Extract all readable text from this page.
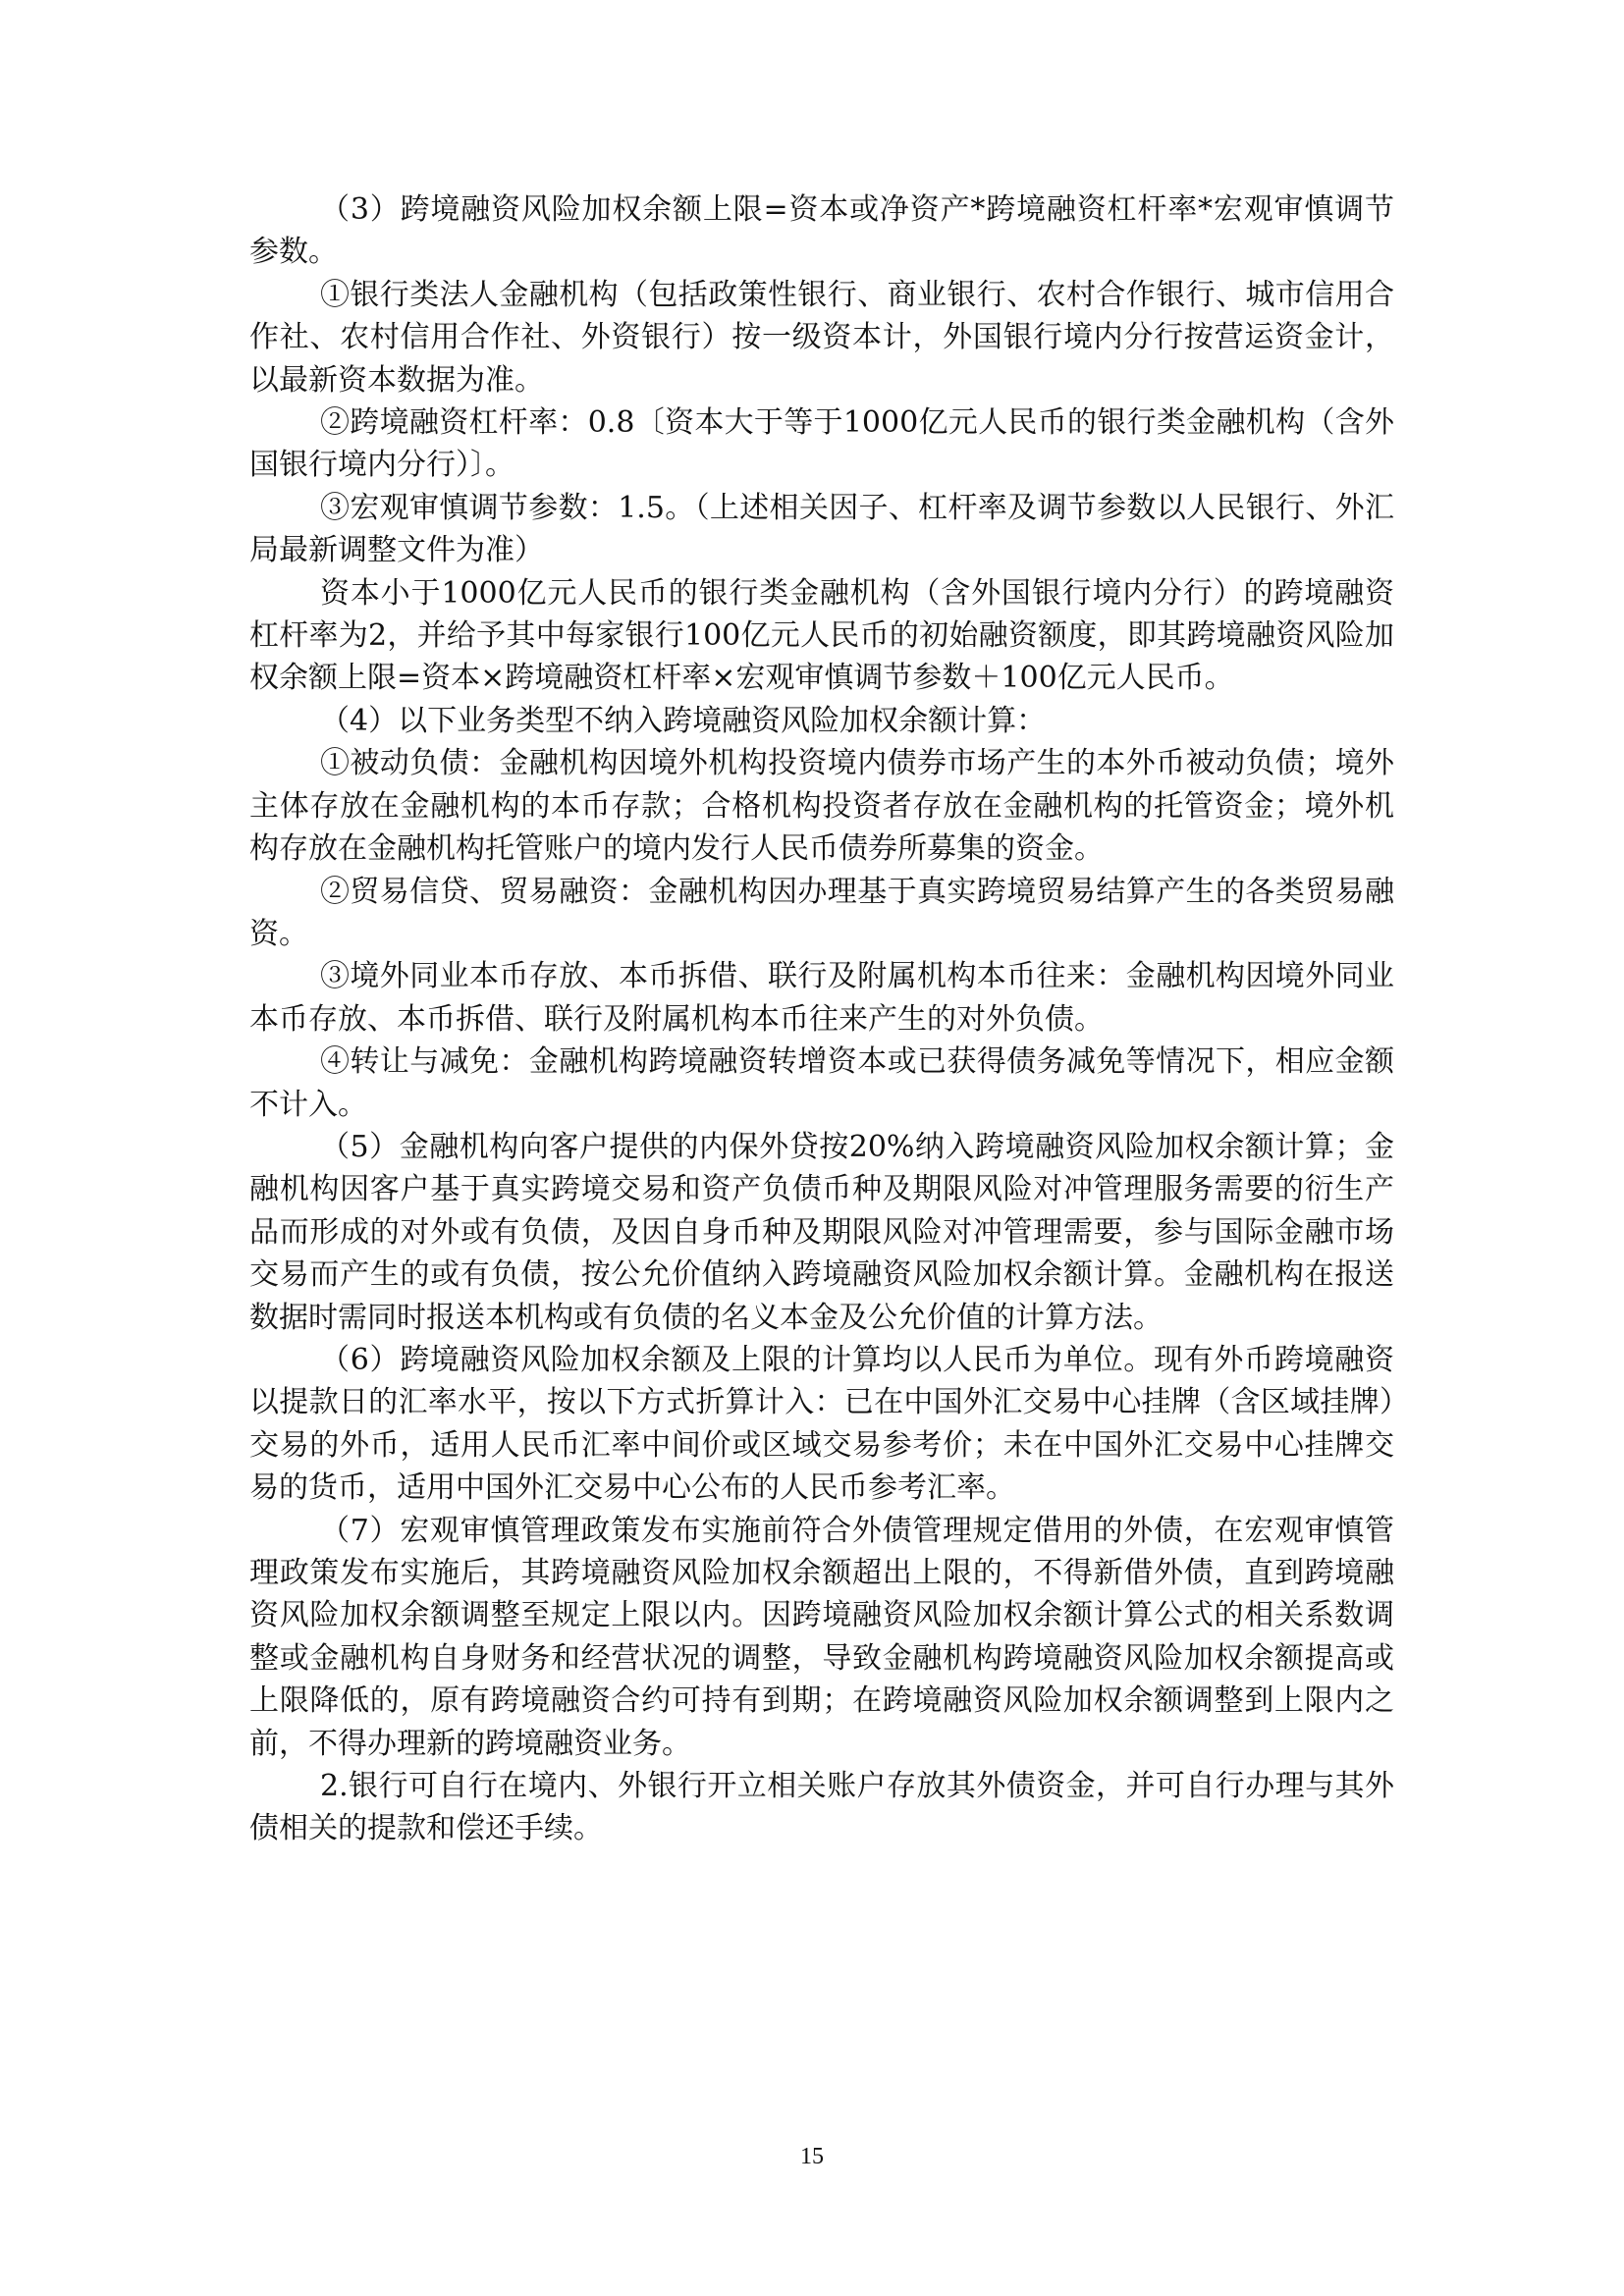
（3）跨境融资风险加权余额上限=资本或净资产*跨境融资杠杆率*宏观审慎调节参数。

①银行类法人金融机构（包括政策性银行、商业银行、农村合作银行、城市信用合作社、农村信用合作社、外资银行）按一级资本计，外国银行境内分行按营运资金计，以最新资本数据为准。

②跨境融资杠杆率：0.8〔资本大于等于1000亿元人民币的银行类金融机构（含外国银行境内分行）〕。

③宏观审慎调节参数：1.5。（上述相关因子、杠杆率及调节参数以人民银行、外汇局最新调整文件为准）

资本小于1000亿元人民币的银行类金融机构（含外国银行境内分行）的跨境融资杠杆率为2，并给予其中每家银行100亿元人民币的初始融资额度，即其跨境融资风险加权余额上限=资本×跨境融资杠杆率×宏观审慎调节参数＋100亿元人民币。

（4）以下业务类型不纳入跨境融资风险加权余额计算：

①被动负债：金融机构因境外机构投资境内债券市场产生的本外币被动负债；境外主体存放在金融机构的本币存款；合格机构投资者存放在金融机构的托管资金；境外机构存放在金融机构托管账户的境内发行人民币债券所募集的资金。

②贸易信贷、贸易融资：金融机构因办理基于真实跨境贸易结算产生的各类贸易融资。

③境外同业本币存放、本币拆借、联行及附属机构本币往来：金融机构因境外同业本币存放、本币拆借、联行及附属机构本币往来产生的对外负债。

④转让与减免：金融机构跨境融资转增资本或已获得债务减免等情况下，相应金额不计入。

（5）金融机构向客户提供的内保外贷按20%纳入跨境融资风险加权余额计算；金融机构因客户基于真实跨境交易和资产负债币种及期限风险对冲管理服务需要的衍生产品而形成的对外或有负债，及因自身币种及期限风险对冲管理需要，参与国际金融市场交易而产生的或有负债，按公允价值纳入跨境融资风险加权余额计算。金融机构在报送数据时需同时报送本机构或有负债的名义本金及公允价值的计算方法。

（6）跨境融资风险加权余额及上限的计算均以人民币为单位。现有外币跨境融资以提款日的汇率水平，按以下方式折算计入：已在中国外汇交易中心挂牌（含区域挂牌）交易的外币，适用人民币汇率中间价或区域交易参考价；未在中国外汇交易中心挂牌交易的货币，适用中国外汇交易中心公布的人民币参考汇率。

（7）宏观审慎管理政策发布实施前符合外债管理规定借用的外债，在宏观审慎管理政策发布实施后，其跨境融资风险加权余额超出上限的，不得新借外债，直到跨境融资风险加权余额调整至规定上限以内。因跨境融资风险加权余额计算公式的相关系数调整或金融机构自身财务和经营状况的调整，导致金融机构跨境融资风险加权余额提高或上限降低的，原有跨境融资合约可持有到期；在跨境融资风险加权余额调整到上限内之前，不得办理新的跨境融资业务。

2.银行可自行在境内、外银行开立相关账户存放其外债资金，并可自行办理与其外债相关的提款和偿还手续。

15
